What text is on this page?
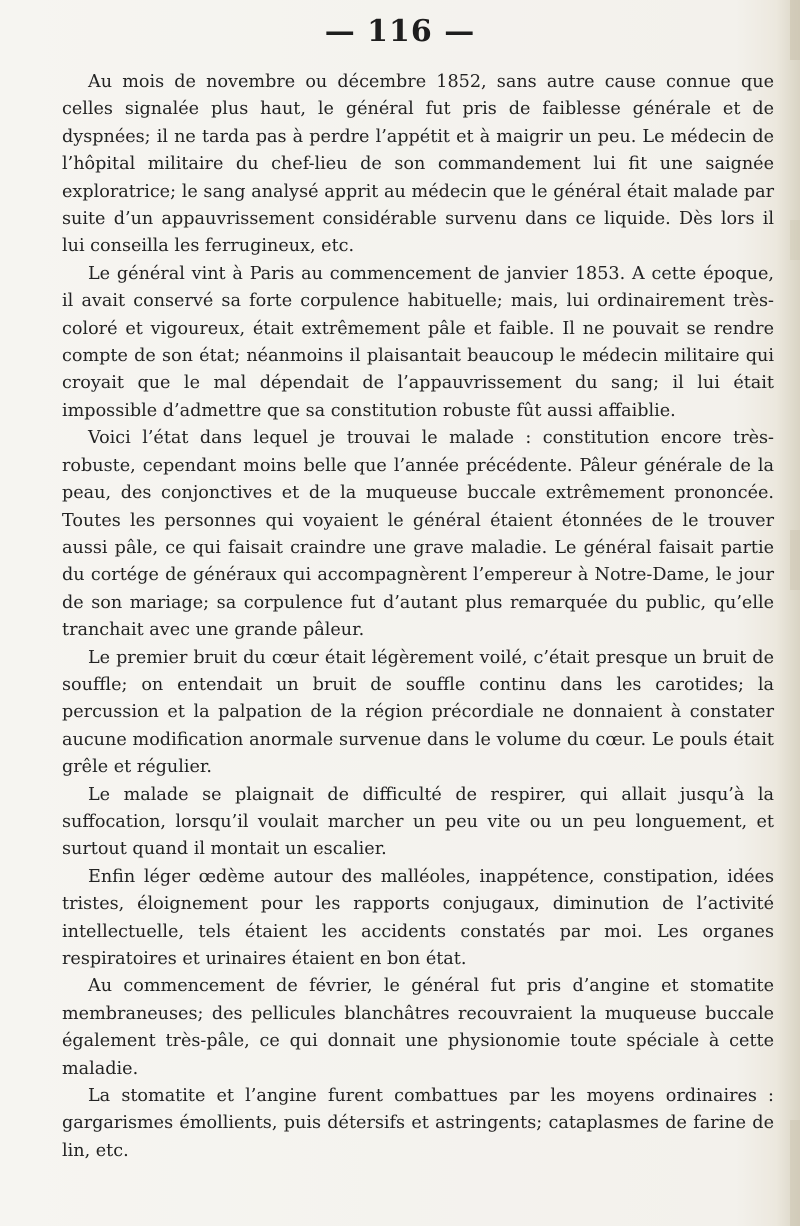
— 116 —

Au mois de novembre ou décembre 1852, sans autre cause connue que celles signalée plus haut, le général fut pris de faiblesse générale et de dyspnées; il ne tarda pas à perdre l’appétit et à maigrir un peu. Le médecin de l’hôpital militaire du chef-lieu de son commandement lui fit une saignée exploratrice; le sang analysé apprit au médecin que le général était malade par suite d’un appauvrissement considérable survenu dans ce liquide. Dès lors il lui conseilla les ferrugineux, etc.

Le général vint à Paris au commencement de janvier 1853. A cette époque, il avait conservé sa forte corpulence habituelle; mais, lui ordinairement très-coloré et vigoureux, était extrêmement pâle et faible. Il ne pouvait se rendre compte de son état; néanmoins il plaisantait beaucoup le médecin militaire qui croyait que le mal dépendait de l’appauvrissement du sang; il lui était impossible d’admettre que sa constitution robuste fût aussi affaiblie.

Voici l’état dans lequel je trouvai le malade : constitution encore très-robuste, cependant moins belle que l’année précédente. Pâleur générale de la peau, des conjonctives et de la muqueuse buccale extrêmement prononcée. Toutes les personnes qui voyaient le général étaient étonnées de le trouver aussi pâle, ce qui faisait craindre une grave maladie. Le général faisait partie du cortége de généraux qui accompagnèrent l’empereur à Notre-Dame, le jour de son mariage; sa corpulence fut d’autant plus remarquée du public, qu’elle tranchait avec une grande pâleur.

Le premier bruit du cœur était légèrement voilé, c’était presque un bruit de souffle; on entendait un bruit de souffle continu dans les carotides; la percussion et la palpation de la région précordiale ne donnaient à constater aucune modification anormale survenue dans le volume du cœur. Le pouls était grêle et régulier.

Le malade se plaignait de difficulté de respirer, qui allait jusqu’à la suffocation, lorsqu’il voulait marcher un peu vite ou un peu longuement, et surtout quand il montait un escalier.

Enfin léger œdème autour des malléoles, inappétence, constipation, idées tristes, éloignement pour les rapports conjugaux, diminution de l’activité intellectuelle, tels étaient les accidents constatés par moi. Les organes respiratoires et urinaires étaient en bon état.

Au commencement de février, le général fut pris d’angine et stomatite membraneuses; des pellicules blanchâtres recouvraient la muqueuse buccale également très-pâle, ce qui donnait une physionomie toute spéciale à cette maladie.

La stomatite et l’angine furent combattues par les moyens ordinaires : gargarismes émollients, puis détersifs et astringents; cataplasmes de farine de lin, etc.
